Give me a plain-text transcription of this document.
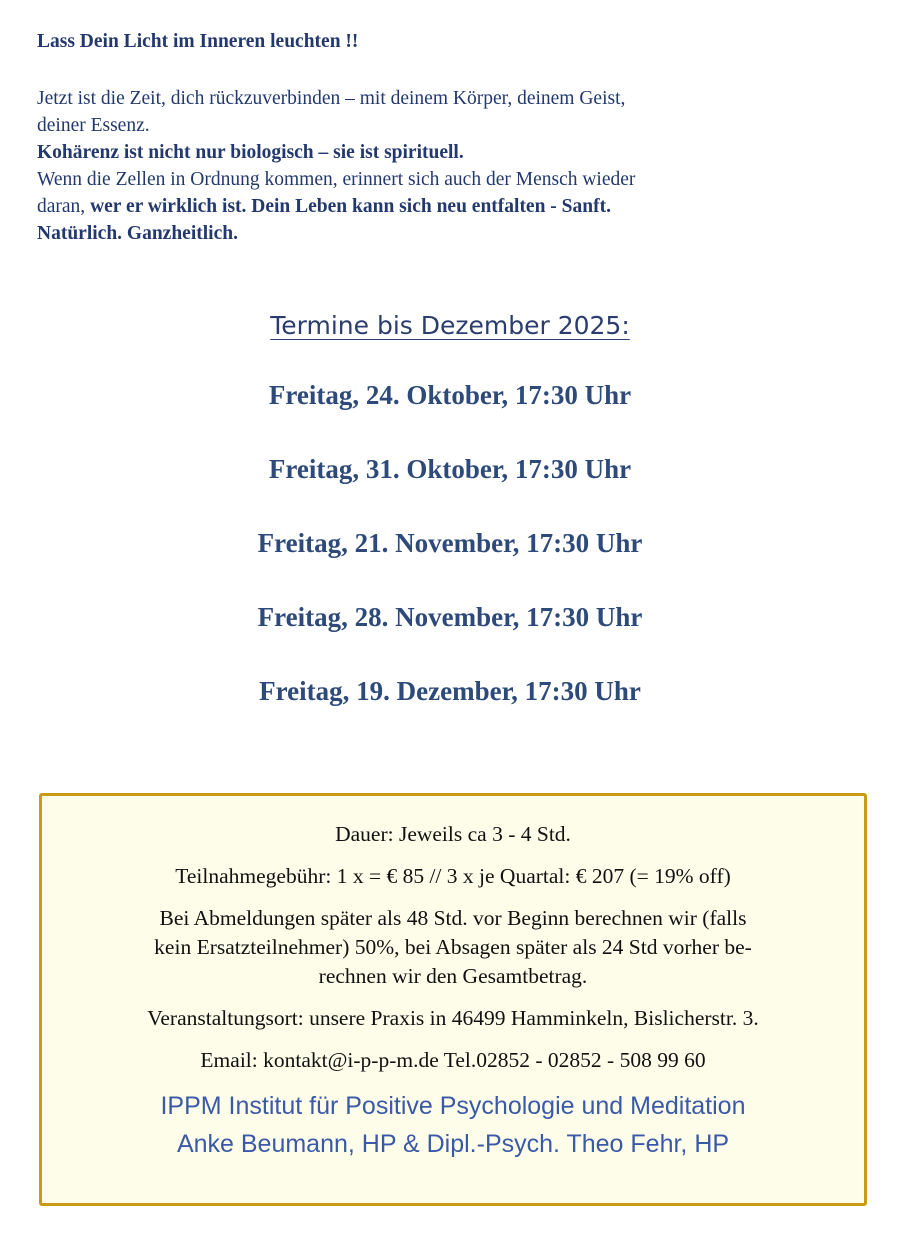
Lass Dein Licht im Inneren leuchten !!
Jetzt ist die Zeit, dich rückzuverbinden – mit deinem Körper, deinem Geist,
deiner Essenz.
Kohärenz ist nicht nur biologisch – sie ist spirituell.
Wenn die Zellen in Ordnung kommen, erinnert sich auch der Mensch wieder
daran, wer er wirklich ist. Dein Leben kann sich neu entfalten - Sanft.
Natürlich. Ganzheitlich.
Termine bis Dezember 2025:
Freitag, 24. Oktober, 17:30 Uhr
Freitag, 31. Oktober, 17:30 Uhr
Freitag, 21. November, 17:30 Uhr
Freitag, 28. November, 17:30 Uhr
Freitag, 19. Dezember, 17:30 Uhr
Dauer: Jeweils ca 3 - 4 Std.
Teilnahmegebühr: 1 x = € 85 // 3 x je Quartal: € 207 (= 19% off)
Bei Abmeldungen später als 48 Std. vor Beginn berechnen wir (falls
kein Ersatzteilnehmer) 50%, bei Absagen später als 24 Std vorher be-
rechnen wir den Gesamtbetrag.
Veranstaltungsort: unsere Praxis in 46499 Hamminkeln, Bislicherstr. 3.
Email: kontakt@i-p-p-m.de Tel.02852 - 02852 - 508 99 60
IPPM Institut für Positive Psychologie und Meditation
Anke Beumann, HP & Dipl.-Psych. Theo Fehr, HP
